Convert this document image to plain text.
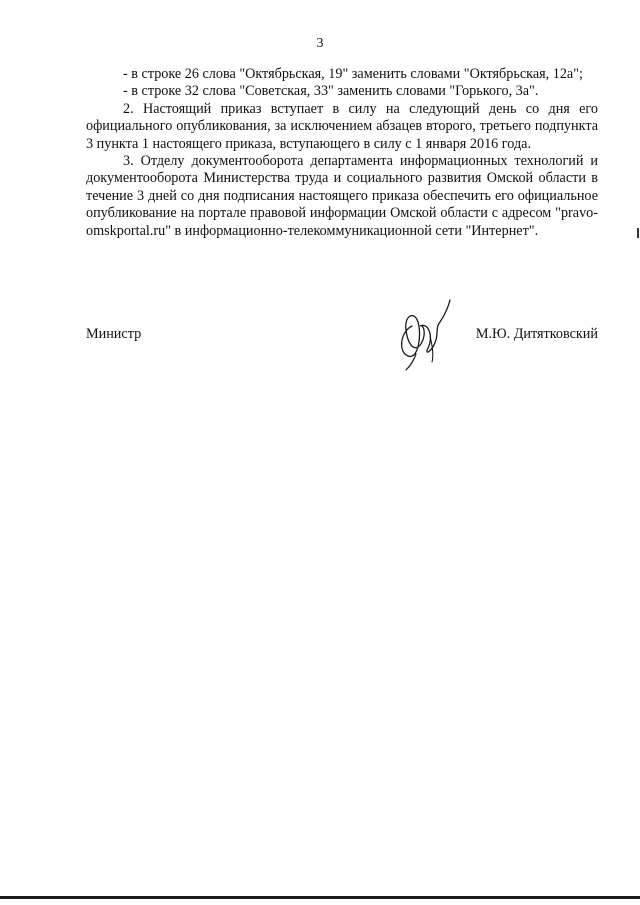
3

- в строке 26 слова "Октябрьская, 19" заменить словами "Октябрьская, 12а";

- в строке 32 слова "Советская, 33" заменить словами "Горького, 3а".

2. Настоящий приказ вступает в силу на следующий день со дня его официального опубликования, за исключением абзацев второго, третьего подпункта 3 пункта 1 настоящего приказа, вступающего в силу с 1 января 2016 года.

3. Отделу документооборота департамента информационных технологий и документооборота Министерства труда и социального развития Омской области в течение 3 дней со дня подписания настоящего приказа обеспечить его официальное опубликование на портале правовой информации Омской области с адресом "pravo-omskportal.ru" в информационно-телекоммуникационной сети "Интернет".

Министр	М.Ю. Дитятковский
